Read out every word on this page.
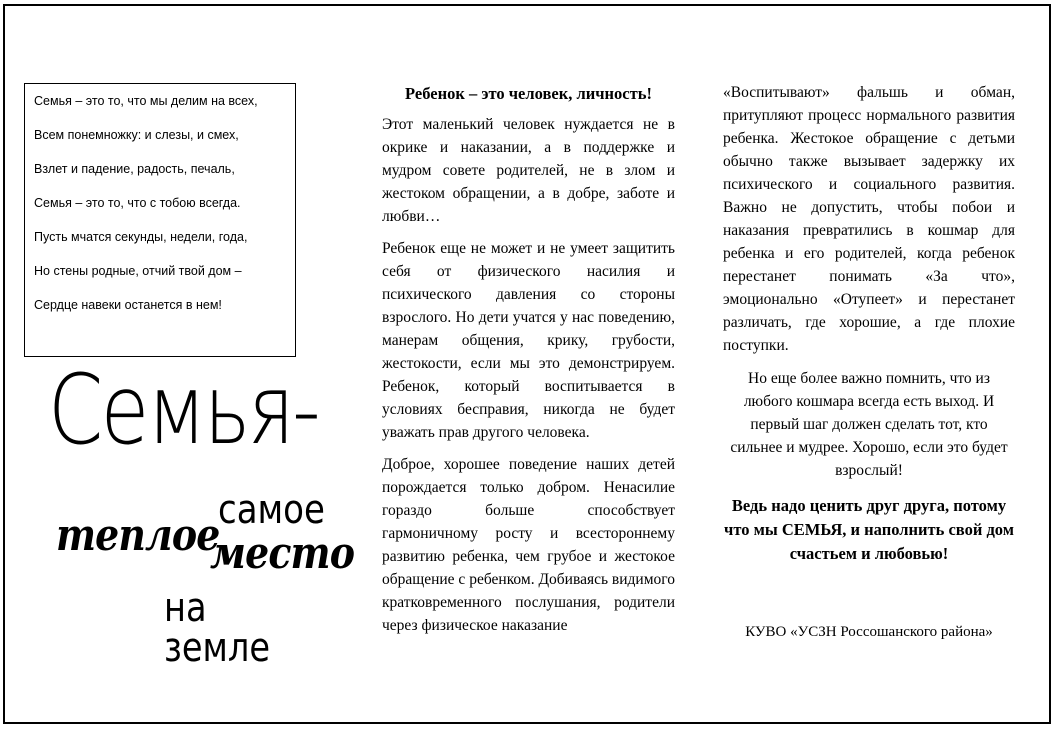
Семья – это то, что мы делим на всех,
Всем понемножку: и слезы, и смех,
Взлет и падение, радость, печаль,
Семья – это то, что с тобою всегда.
Пусть мчатся секунды, недели, года,
Но стены родные, отчий твой дом –
Сердце навеки останется в нем!
Семья-
самое
теплое
место
на земле
Ребенок – это человек, личность!

Этот маленький человек нуждается не в окрике и наказании, а в поддержке и мудром совете родителей, не в злом и жестоком обращении, а в добре, заботе и любви…

Ребенок еще не может и не умеет защитить себя от физического насилия и психического давления со стороны взрослого. Но дети учатся у нас поведению, манерам общения, крику, грубости, жестокости, если мы это демонстрируем. Ребенок, который воспитывается в условиях бесправия, никогда не будет уважать прав другого человека.

Доброе, хорошее поведение наших детей порождается только добром. Ненасилие гораздо больше способствует гармоничному росту и всестороннему развитию ребенка, чем грубое и жестокое обращение с ребенком. Добиваясь видимого кратковременного послушания, родители через физическое наказание

«Воспитывают» фальшь и обман, притупляют процесс нормального развития ребенка. Жестокое обращение с детьми обычно также вызывает задержку их психического и социального развития. Важно не допустить, чтобы побои и наказания превратились в кошмар для ребенка и его родителей, когда ребенок перестанет понимать «За что», эмоционально «Отупеет» и перестанет различать, где хорошие, а где плохие поступки.

Но еще более важно помнить, что из любого кошмара всегда есть выход. И первый шаг должен сделать тот, кто сильнее и мудрее. Хорошо, если это будет взрослый!

Ведь надо ценить друг друга, потому что мы СЕМЬЯ, и наполнить свой дом счастьем и любовью!

КУВО «УСЗН Россошанского района»
